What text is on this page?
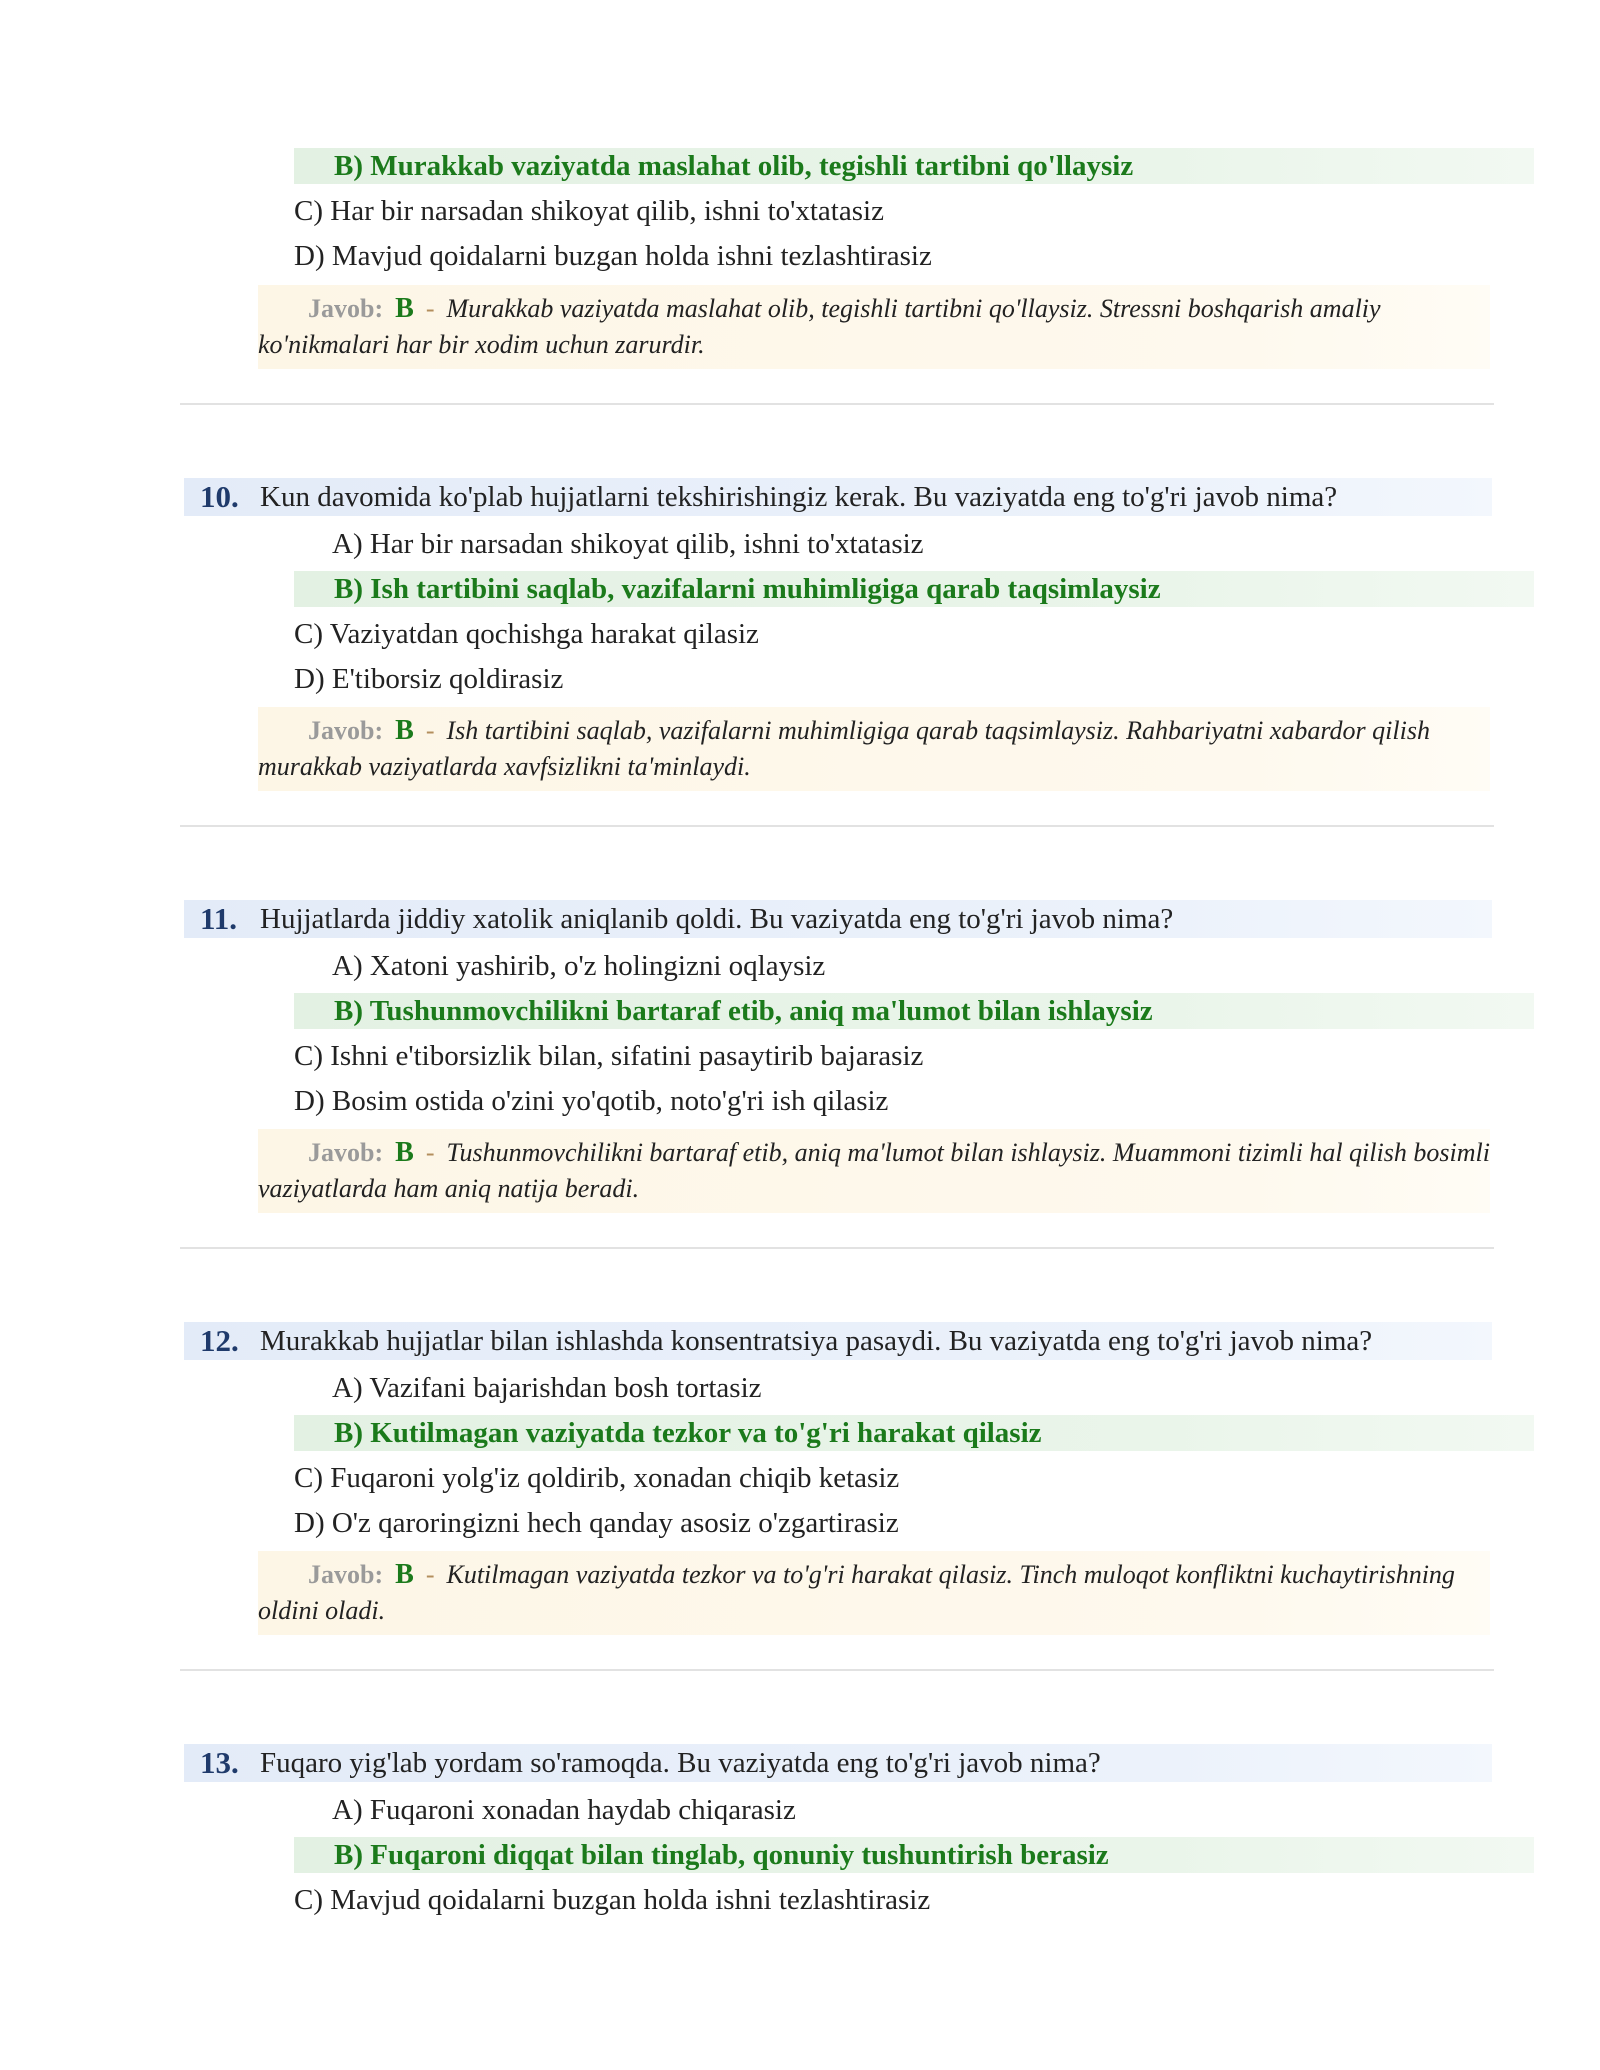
B) Murakkab vaziyatda maslahat olib, tegishli tartibni qo'llaysiz
C) Har bir narsadan shikoyat qilib, ishni to'xtatasiz
D) Mavjud qoidalarni buzgan holda ishni tezlashtirasiz
Javob: B - Murakkab vaziyatda maslahat olib, tegishli tartibni qo'llaysiz. Stressni boshqarish amaliy ko'nikmalari har bir xodim uchun zarurdir.
10. Kun davomida ko'plab hujjatlarni tekshirishingiz kerak. Bu vaziyatda eng to'g'ri javob nima?
A) Har bir narsadan shikoyat qilib, ishni to'xtatasiz
B) Ish tartibini saqlab, vazifalarni muhimligiga qarab taqsimlaysiz
C) Vaziyatdan qochishga harakat qilasiz
D) E'tiborsiz qoldirasiz
Javob: B - Ish tartibini saqlab, vazifalarni muhimligiga qarab taqsimlaysiz. Rahbariyatni xabardor qilish murakkab vaziyatlarda xavfsizlikni ta'minlaydi.
11. Hujjatlarda jiddiy xatolik aniqlanib qoldi. Bu vaziyatda eng to'g'ri javob nima?
A) Xatoni yashirib, o'z holingizni oqlaysiz
B) Tushunmovchilikni bartaraf etib, aniq ma'lumot bilan ishlaysiz
C) Ishni e'tiborsizlik bilan, sifatini pasaytirib bajarasiz
D) Bosim ostida o'zini yo'qotib, noto'g'ri ish qilasiz
Javob: B - Tushunmovchilikni bartaraf etib, aniq ma'lumot bilan ishlaysiz. Muammoni tizimli hal qilish bosimli vaziyatlarda ham aniq natija beradi.
12. Murakkab hujjatlar bilan ishlashda konsentratsiya pasaydi. Bu vaziyatda eng to'g'ri javob nima?
A) Vazifani bajarishdan bosh tortasiz
B) Kutilmagan vaziyatda tezkor va to'g'ri harakat qilasiz
C) Fuqaroni yolg'iz qoldirib, xonadan chiqib ketasiz
D) O'z qaroringizni hech qanday asosiz o'zgartirasiz
Javob: B - Kutilmagan vaziyatda tezkor va to'g'ri harakat qilasiz. Tinch muloqot konfliktni kuchaytirishning oldini oladi.
13. Fuqaro yig'lab yordam so'ramoqda. Bu vaziyatda eng to'g'ri javob nima?
A) Fuqaroni xonadan haydab chiqarasiz
B) Fuqaroni diqqat bilan tinglab, qonuniy tushuntirish berasiz
C) Mavjud qoidalarni buzgan holda ishni tezlashtirasiz
